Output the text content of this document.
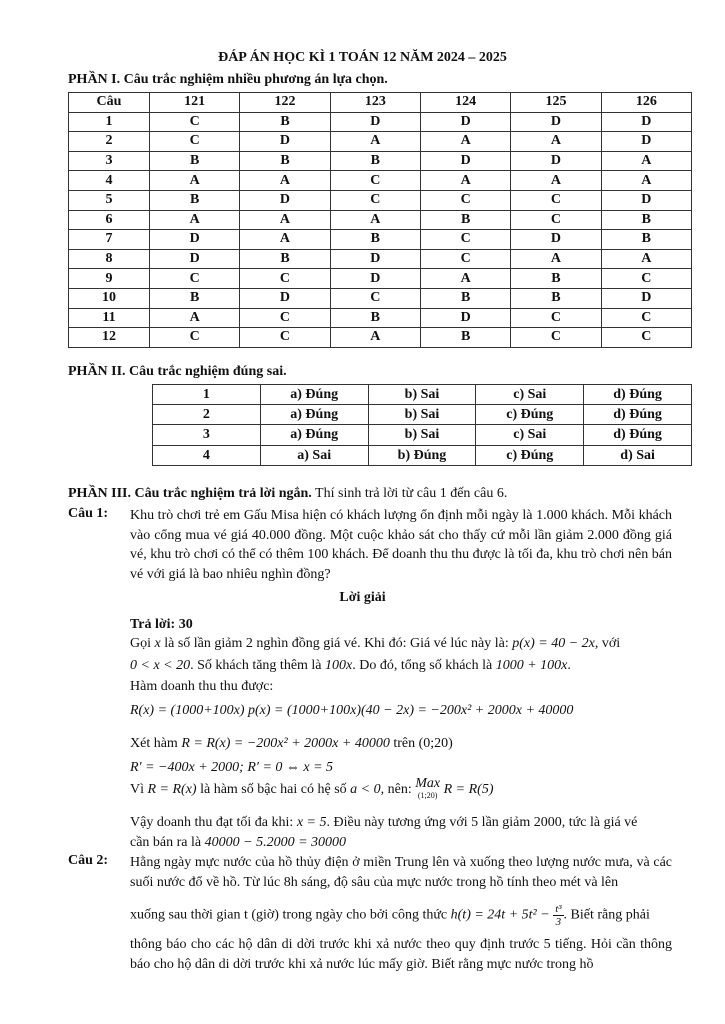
ĐÁP ÁN HỌC KÌ 1 TOÁN 12 NĂM 2024 – 2025
PHẦN I. Câu trắc nghiệm nhiều phương án lựa chọn.
Câu	121	122	123	124	125	126
1	C	B	D	D	D	D
2	C	D	A	A	A	D
3	B	B	B	D	D	A
4	A	A	C	A	A	A
5	B	D	C	C	C	D
6	A	A	A	B	C	B
7	D	A	B	C	D	B
8	D	B	D	C	A	A
9	C	C	D	A	B	C
10	B	D	C	B	B	D
11	A	C	B	D	C	C
12	C	C	A	B	C	C
PHẦN II. Câu trắc nghiệm đúng sai.
1	a) Đúng	b) Sai	c) Sai	d) Đúng
2	a) Đúng	b) Sai	c) Đúng	d) Đúng
3	a) Đúng	b) Sai	c) Sai	d) Đúng
4	a) Sai	b) Đúng	c) Đúng	d) Sai
PHẦN III. Câu trắc nghiệm trả lời ngắn. Thí sinh trả lời từ câu 1 đến câu 6.
Câu 1: Khu trò chơi trẻ em Gấu Misa hiện có khách lượng ổn định mỗi ngày là 1.000 khách. Mỗi khách vào cổng mua vé giá 40.000 đồng. Một cuộc khảo sát cho thấy cứ mỗi lần giảm 2.000 đồng giá vé, khu trò chơi có thể có thêm 100 khách. Để doanh thu thu được là tối đa, khu trò chơi nên bán vé với giá là bao nhiêu nghìn đồng?
Lời giải
Trả lời: 30
Gọi x là số lần giảm 2 nghìn đồng giá vé. Khi đó: Giá vé lúc này là: p(x) = 40 − 2x, với
0 < x < 20. Số khách tăng thêm là 100x. Do đó, tổng số khách là 1000 + 100x.
Hàm doanh thu thu được:
R(x) = (1000+100x) p(x) = (1000+100x)(40 − 2x) = −200x² + 2000x + 40000
Xét hàm R = R(x) = −200x² + 2000x + 40000 trên (0;20)
R′ = −400x + 2000; R′ = 0 ⇔ x = 5
Vì R = R(x) là hàm số bậc hai có hệ số a < 0, nên: Max
(1;20) R = R(5)
Vậy doanh thu đạt tối đa khi: x = 5. Điều này tương ứng với 5 lần giảm 2000, tức là giá vé
cần bán ra là 40000 − 5.2000 = 30000
Câu 2: Hằng ngày mực nước của hồ thủy điện ở miền Trung lên và xuống theo lượng nước mưa, và các suối nước đổ về hồ. Từ lúc 8h sáng, độ sâu của mực nước trong hồ tính theo mét và lên
xuống sau thời gian t (giờ) trong ngày cho bởi công thức $h(t) = 24t + 5t^2 - \frac{\text{t³}}{3}$ . Biết rằng phải
thông báo cho các hộ dân di dời trước khi xả nước theo quy định trước 5 tiếng. Hỏi cần thông báo cho hộ dân di dời trước khi xả nước lúc mấy giờ. Biết rằng mực nước trong hồ
